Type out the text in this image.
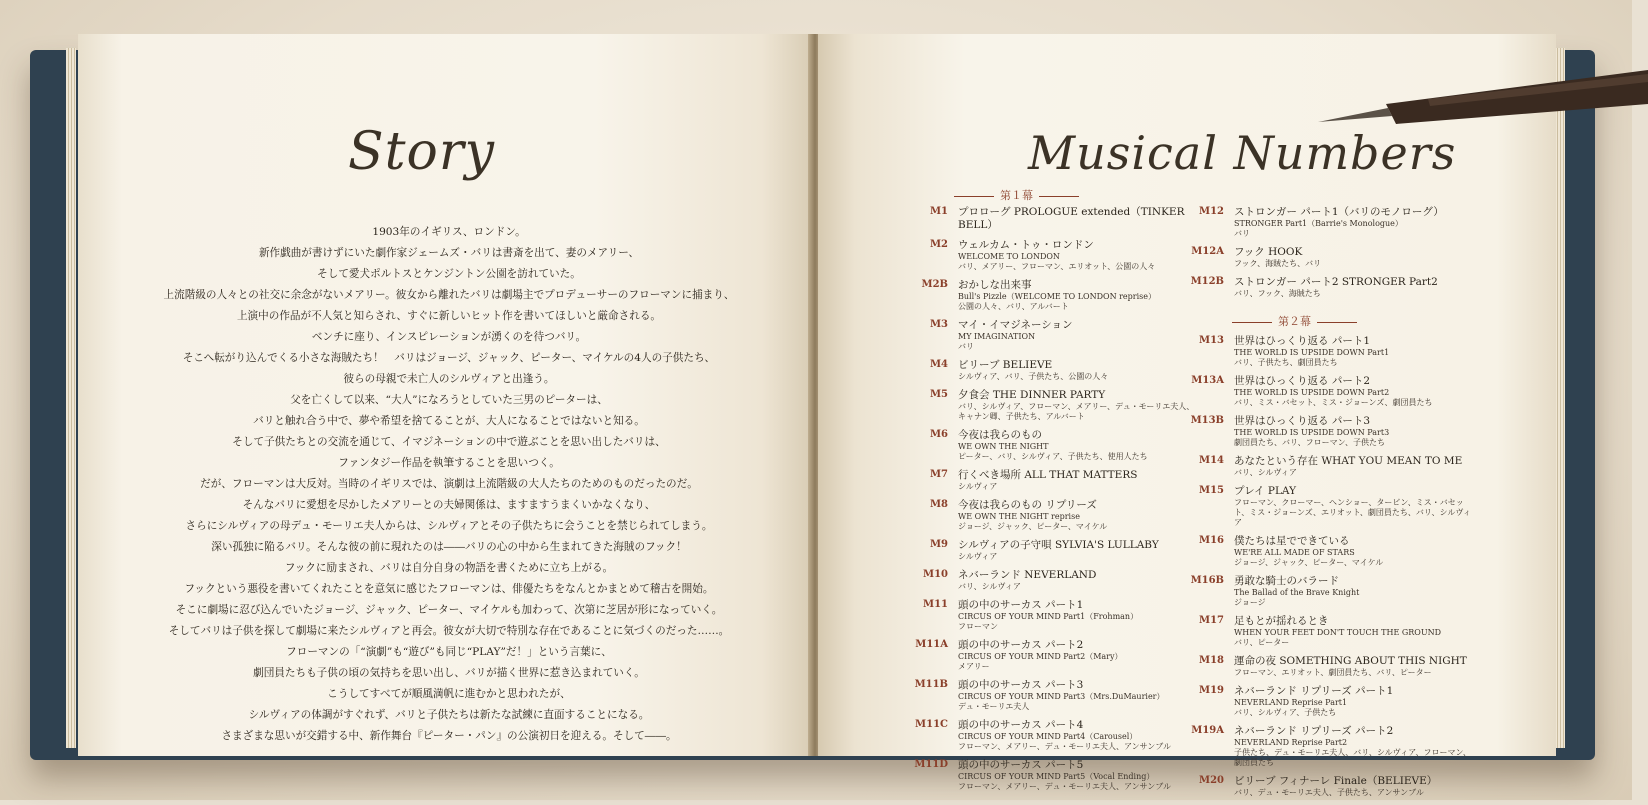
Story
1903年のイギリス、ロンドン。
新作戯曲が書けずにいた劇作家ジェームズ・バリは書斎を出て、妻のメアリー、
そして愛犬ポルトスとケンジントン公園を訪れていた。
上流階級の人々との社交に余念がないメアリー。彼女から離れたバリは劇場主でプロデューサーのフローマンに捕まり、
上演中の作品が不人気と知らされ、すぐに新しいヒット作を書いてほしいと厳命される。
ベンチに座り、インスピレーションが湧くのを待つバリ。
そこへ転がり込んでくる小さな海賊たち！　バリはジョージ、ジャック、ピーター、マイケルの4人の子供たち、
彼らの母親で未亡人のシルヴィアと出逢う。
父を亡くして以来、“大人”になろうとしていた三男のピーターは、
バリと触れ合う中で、夢や希望を捨てることが、大人になることではないと知る。
そして子供たちとの交流を通じて、イマジネーションの中で遊ぶことを思い出したバリは、
ファンタジー作品を執筆することを思いつく。
だが、フローマンは大反対。当時のイギリスでは、演劇は上流階級の大人たちのためのものだったのだ。
そんなバリに愛想を尽かしたメアリーとの夫婦関係は、ますますうまくいかなくなり、
さらにシルヴィアの母デュ・モーリエ夫人からは、シルヴィアとその子供たちに会うことを禁じられてしまう。
深い孤独に陥るバリ。そんな彼の前に現れたのは――バリの心の中から生まれてきた海賊のフック！
フックに励まされ、バリは自分自身の物語を書くために立ち上がる。
フックという悪役を書いてくれたことを意気に感じたフローマンは、俳優たちをなんとかまとめて稽古を開始。
そこに劇場に忍び込んでいたジョージ、ジャック、ピーター、マイケルも加わって、次第に芝居が形になっていく。
そしてバリは子供を探して劇場に来たシルヴィアと再会。彼女が大切で特別な存在であることに気づくのだった……。
フローマンの「“演劇”も“遊び”も同じ“PLAY”だ！」という言葉に、
劇団員たちも子供の頃の気持ちを思い出し、バリが描く世界に惹き込まれていく。
こうしてすべてが順風満帆に進むかと思われたが、
シルヴィアの体調がすぐれず、バリと子供たちは新たな試練に直面することになる。
さまざまな思いが交錯する中、新作舞台『ピーター・パン』の公演初日を迎える。そして――。
Musical Numbers
第１幕
M1 プロローグ PROLOGUE extended（TINKER BELL）
M2 ウェルカム・トゥ・ロンドン
WELCOME TO LONDON
バリ、メアリー、フローマン、エリオット、公園の人々
M2B おかしな出来事
Bull's Pizzle（WELCOME TO LONDON reprise）
公園の人々、バリ、アルバート
M3 マイ・イマジネーション
MY IMAGINATION
バリ
M4 ビリーブ BELIEVE
シルヴィア、バリ、子供たち、公園の人々
M5 夕食会 THE DINNER PARTY
バリ、シルヴィア、フローマン、メアリー、デュ・モーリエ夫人、キャナン卿、子供たち、アルバート
M6 今夜は我らのもの
WE OWN THE NIGHT
ピーター、バリ、シルヴィア、子供たち、使用人たち
M7 行くべき場所 ALL THAT MATTERS
シルヴィア
M8 今夜は我らのもの リプリーズ
WE OWN THE NIGHT reprise
ジョージ、ジャック、ピーター、マイケル
M9 シルヴィアの子守唄 SYLVIA'S LULLABY
シルヴィア
M10 ネバーランド NEVERLAND
バリ、シルヴィア
M11 頭の中のサーカス パート1
CIRCUS OF YOUR MIND Part1（Frohman）
フローマン
M11A 頭の中のサーカス パート2
CIRCUS OF YOUR MIND Part2（Mary）
メアリー
M11B 頭の中のサーカス パート3
CIRCUS OF YOUR MIND Part3（Mrs.DuMaurier）
デュ・モーリエ夫人
M11C 頭の中のサーカス パート4
CIRCUS OF YOUR MIND Part4（Carousel）
フローマン、メアリー、デュ・モーリエ夫人、アンサンブル
M11D 頭の中のサーカス パート5
CIRCUS OF YOUR MIND Part5（Vocal Ending）
フローマン、メアリー、デュ・モーリエ夫人、アンサンブル
M12 ストロンガー パート1（バリのモノローグ）
STRONGER Part1（Barrie's Monologue）
バリ
M12A フック HOOK
フック、海賊たち、バリ
M12B ストロンガー パート2 STRONGER Part2
バリ、フック、海賊たち
第２幕
M13 世界はひっくり返る パート1
THE WORLD IS UPSIDE DOWN Part1
バリ、子供たち、劇団員たち
M13A 世界はひっくり返る パート2
THE WORLD IS UPSIDE DOWN Part2
バリ、ミス・バセット、ミス・ジョーンズ、劇団員たち
M13B 世界はひっくり返る パート3
THE WORLD IS UPSIDE DOWN Part3
劇団員たち、バリ、フローマン、子供たち
M14 あなたという存在 WHAT YOU MEAN TO ME
バリ、シルヴィア
M15 プレイ PLAY
フローマン、クローマー、ヘンショー、タービン、ミス・バセット、ミス・ジョーンズ、エリオット、劇団員たち、バリ、シルヴィア
M16 僕たちは星でできている
WE'RE ALL MADE OF STARS
ジョージ、ジャック、ピーター、マイケル
M16B 勇敢な騎士のバラード
The Ballad of the Brave Knight
ジョージ
M17 足もとが揺れるとき
WHEN YOUR FEET DON'T TOUCH THE GROUND
バリ、ピーター
M18 運命の夜 SOMETHING ABOUT THIS NIGHT
フローマン、エリオット、劇団員たち、バリ、ピーター
M19 ネバーランド リプリーズ パート1
NEVERLAND Reprise Part1
バリ、シルヴィア、子供たち
M19A ネバーランド リプリーズ パート2
NEVERLAND Reprise Part2
子供たち、デュ・モーリエ夫人、バリ、シルヴィア、フローマン、劇団員たち
M20 ビリーブ フィナーレ Finale（BELIEVE）
バリ、デュ・モーリエ夫人、子供たち、アンサンブル
